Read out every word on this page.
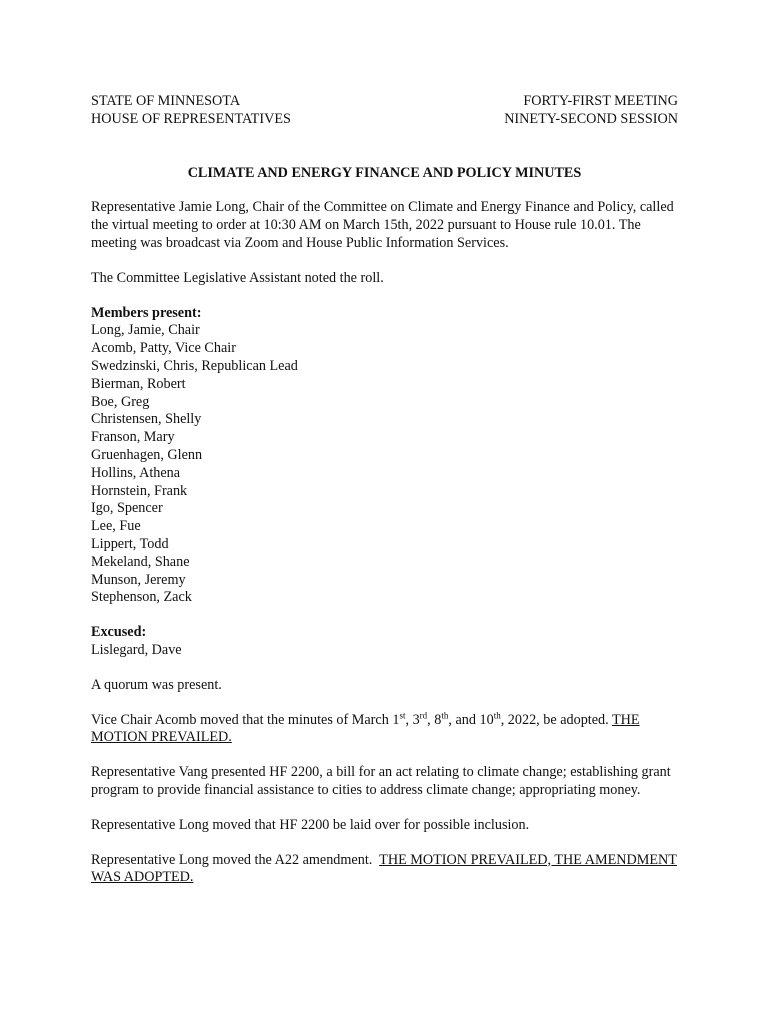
STATE OF MINNESOTA
HOUSE OF REPRESENTATIVES
FORTY-FIRST MEETING
NINETY-SECOND SESSION
CLIMATE AND ENERGY FINANCE AND POLICY MINUTES

Representative Jamie Long, Chair of the Committee on Climate and Energy Finance and Policy, called the virtual meeting to order at 10:30 AM on March 15th, 2022 pursuant to House rule 10.01. The meeting was broadcast via Zoom and House Public Information Services.

The Committee Legislative Assistant noted the roll.

Members present:
Long, Jamie, Chair
Acomb, Patty, Vice Chair
Swedzinski, Chris, Republican Lead
Bierman, Robert
Boe, Greg
Christensen, Shelly
Franson, Mary
Gruenhagen, Glenn
Hollins, Athena
Hornstein, Frank
Igo, Spencer
Lee, Fue
Lippert, Todd
Mekeland, Shane
Munson, Jeremy
Stephenson, Zack
Excused:
Lislegard, Dave

A quorum was present.

Vice Chair Acomb moved that the minutes of March 1st, 3rd, 8th, and 10th, 2022, be adopted. THE MOTION PREVAILED.

Representative Vang presented HF 2200, a bill for an act relating to climate change; establishing grant program to provide financial assistance to cities to address climate change; appropriating money.

Representative Long moved that HF 2200 be laid over for possible inclusion.

Representative Long moved the A22 amendment.  THE MOTION PREVAILED, THE AMENDMENT WAS ADOPTED.
